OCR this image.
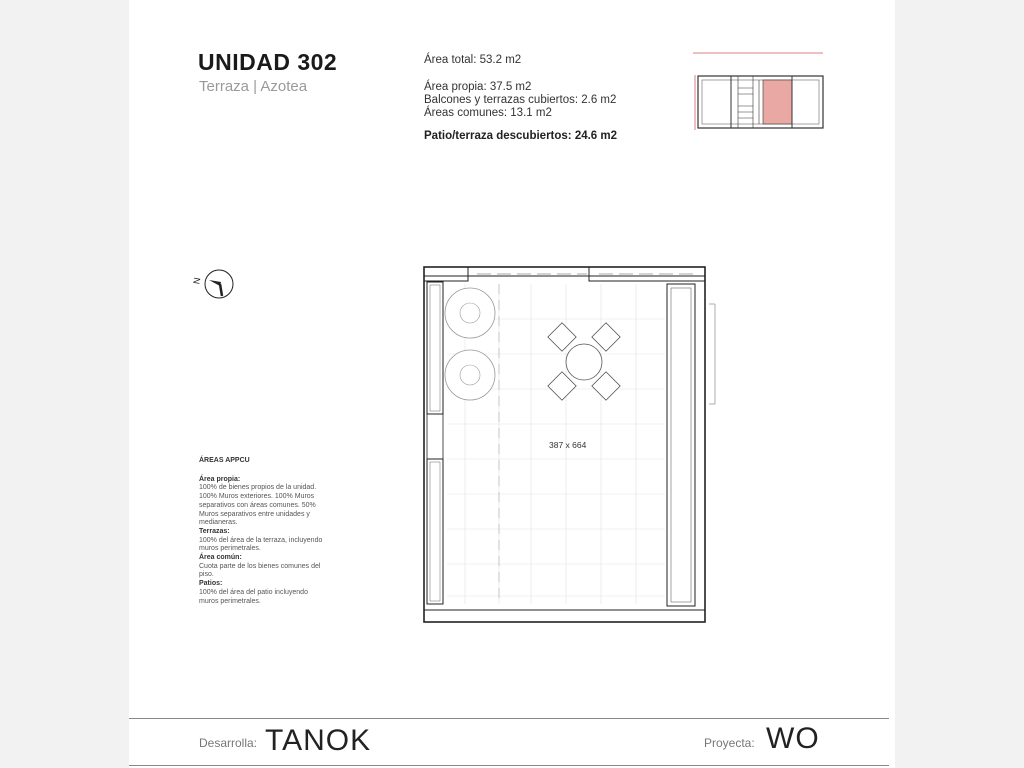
UNIDAD 302
Terraza | Azotea
Área total: 53.2 m2
Área propia: 37.5 m2
Balcones y terrazas cubiertos: 2.6 m2
Áreas comunes: 13.1 m2
Patio/terraza descubiertos: 24.6 m2
N
387 x 664
ÁREAS APPCU
Área propia:
100% de bienes propios de la unidad. 100% Muros exteriores. 100% Muros separativos con áreas comunes. 50% Muros separativos entre unidades y medianeras.
Terrazas:
100% del área de la terraza, incluyendo muros perimetrales.
Área común:
Cuota parte de los bienes comunes del piso.
Patios:
100% del área del patio incluyendo muros perimetrales.
Desarrolla: TANOK	Proyecta: WO
